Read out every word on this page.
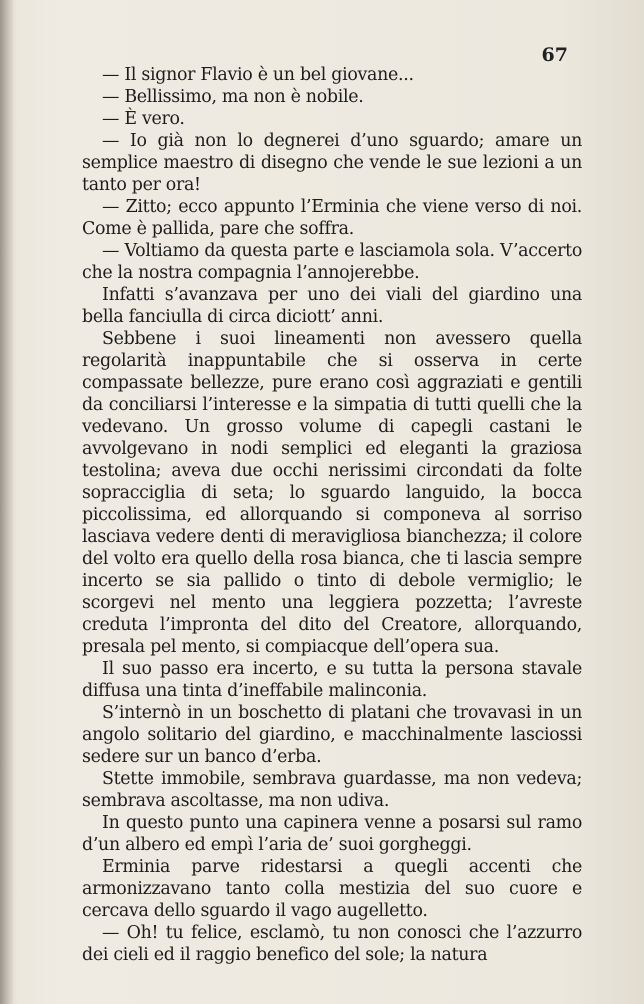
67

— Il signor Flavio è un bel giovane...

— Bellissimo, ma non è nobile.

— È vero.

— Io già non lo degnerei d’uno sguardo; amare un semplice maestro di disegno che vende le sue lezioni a un tanto per ora!

— Zitto; ecco appunto l’Erminia che viene verso di noi. Come è pallida, pare che soffra.

— Voltiamo da questa parte e lasciamola sola. V’accerto che la nostra compagnia l’annojerebbe.

Infatti s’avanzava per uno dei viali del giardino una bella fanciulla di circa diciott’ anni.

Sebbene i suoi lineamenti non avessero quella regolarità inappuntabile che si osserva in certe compassate bellezze, pure erano così aggraziati e gentili da conciliarsi l’interesse e la simpatia di tutti quelli che la vedevano. Un grosso volume di capegli castani le avvolgevano in nodi semplici ed eleganti la graziosa testolina; aveva due occhi nerissimi circondati da folte sopracciglia di seta; lo sguardo languido, la bocca piccolissima, ed allorquando si componeva al sorriso lasciava vedere denti di meravigliosa bianchezza; il colore del volto era quello della rosa bianca, che ti lascia sempre incerto se sia pallido o tinto di debole vermiglio; le scorgevi nel mento una leggiera pozzetta; l’avreste creduta l’impronta del dito del Creatore, allorquando, presala pel mento, si compiacque dell’opera sua.

Il suo passo era incerto, e su tutta la persona stavale diffusa una tinta d’ineffabile malinconia.

S’internò in un boschetto di platani che trovavasi in un angolo solitario del giardino, e macchinalmente lasciossi sedere sur un banco d’erba.

Stette immobile, sembrava guardasse, ma non vedeva; sembrava ascoltasse, ma non udiva.

In questo punto una capinera venne a posarsi sul ramo d’un albero ed empì l’aria de’ suoi gorgheggi.

Erminia parve ridestarsi a quegli accenti che armonizzavano tanto colla mestizia del suo cuore e cercava dello sguardo il vago augelletto.

— Oh! tu felice, esclamò, tu non conosci che l’azzurro dei cieli ed il raggio benefico del sole; la natura
